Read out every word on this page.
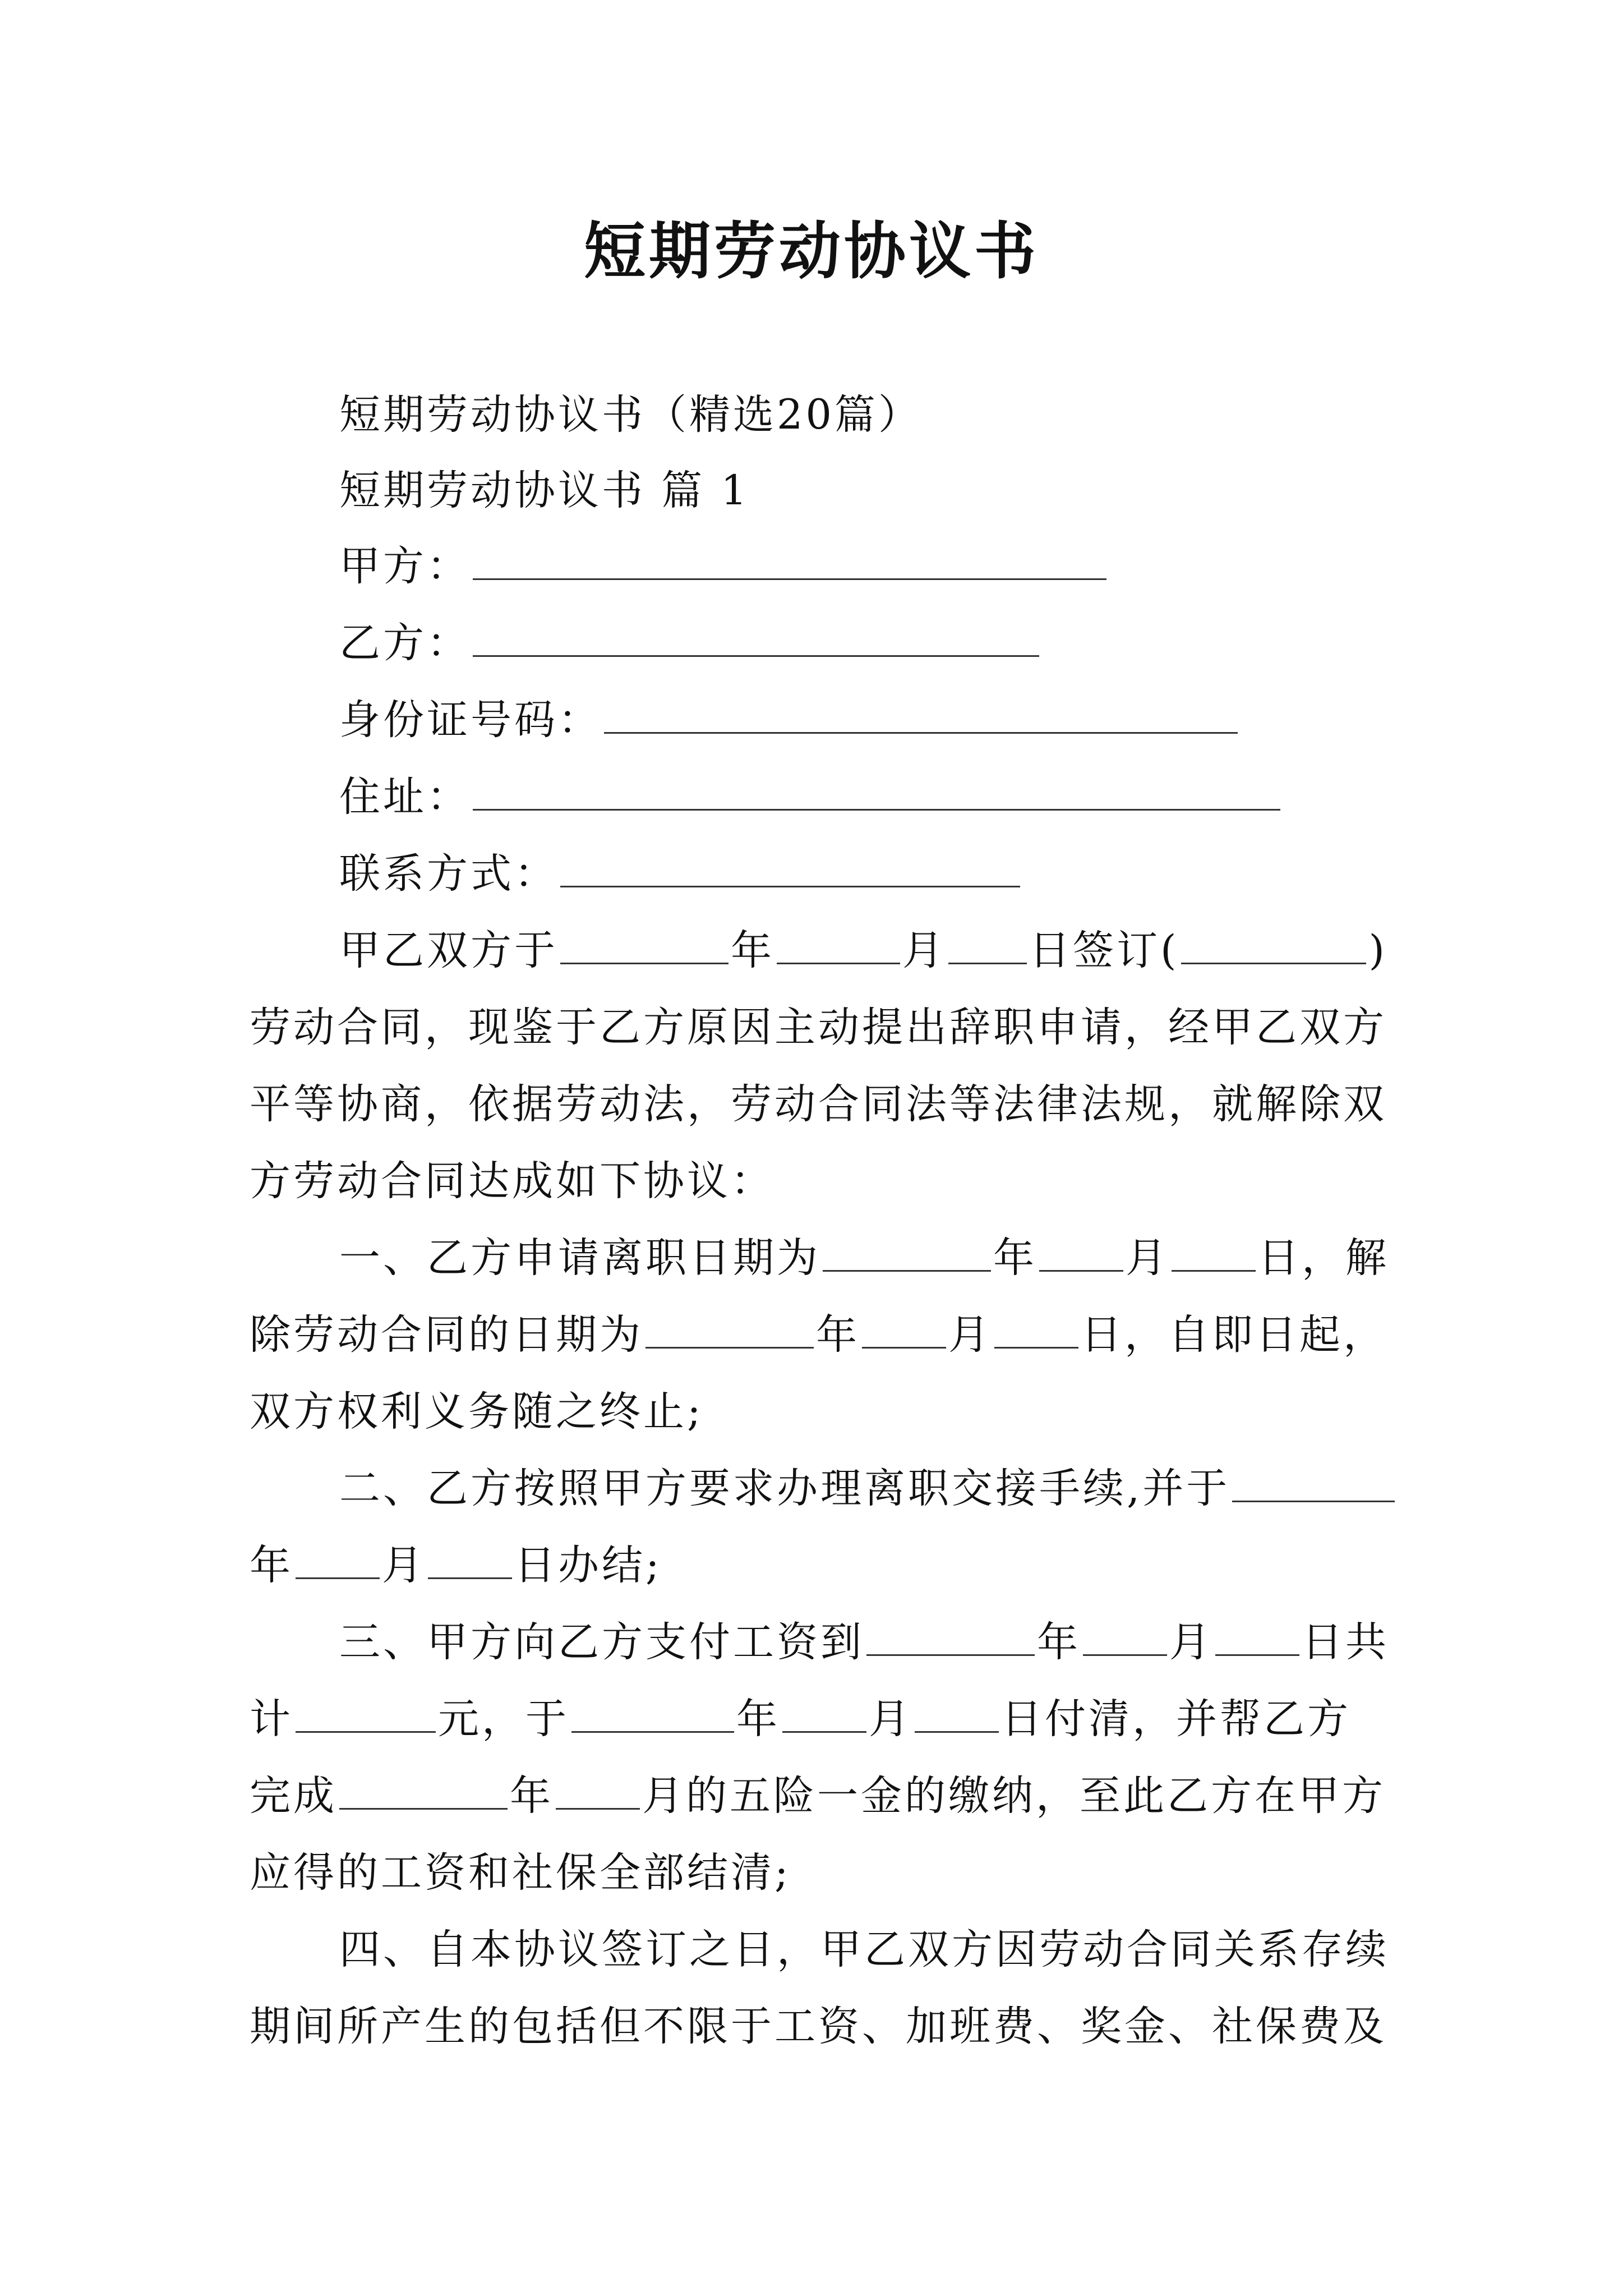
短期劳动协议书
短期劳动协议书（精选20篇）
短期劳动协议书 篇 1
甲方：
乙方：
身份证号码：
住址：
联系方式：
甲乙双方于	年	月 日签订(	)
劳动合同，现鉴于乙方原因主动提出辞职申请，经甲乙双方
平等协商，依据劳动法，劳动合同法等法律法规，就解除双
方劳动合同达成如下协议：
一、乙方申请离职日期为	年 月 日，解
除劳动合同的日期为	年 月 日，自即日起，
双方权利义务随之终止;
二、乙方按照甲方要求办理离职交接手续,并于
年 月 日办结;
三、甲方向乙方支付工资到	年 月 日共
计	元，于	年 月 日付清，并帮乙方
完成	年 月的五险一金的缴纳，至此乙方在甲方
应得的工资和社保全部结清;
四、自本协议签订之日，甲乙双方因劳动合同关系存续
期间所产生的包括但不限于工资、加班费、奖金、社保费及
